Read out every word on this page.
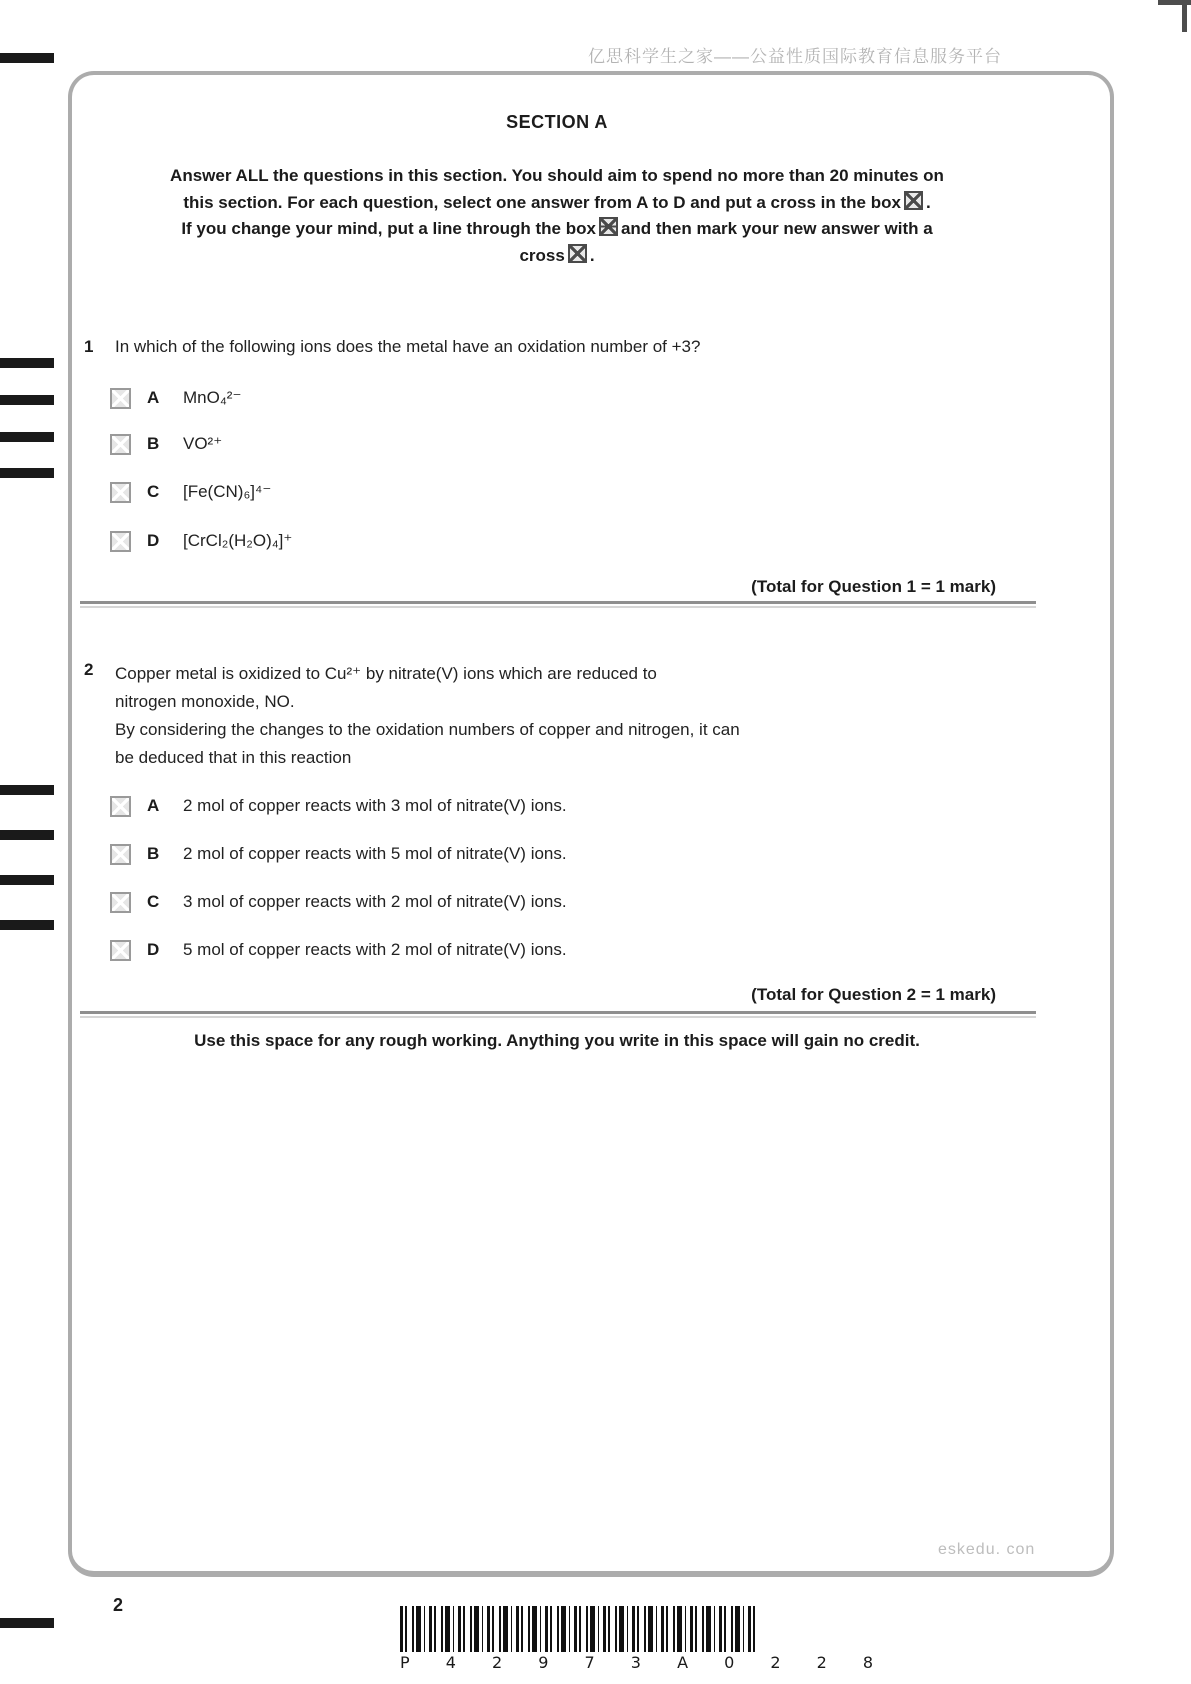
亿思科学生之家——公益性质国际教育信息服务平台
SECTION A
Answer ALL the questions in this section. You should aim to spend no more than 20 minutes on
this section. For each question, select one answer from A to D and put a cross in the box ☒ .
If you change your mind, put a line through the box and then mark your new answer with a
cross ☒ .
1 In which of the following ions does the metal have an oxidation number of +3?
A	MnO₄²⁻
B	VO²⁺
C	[Fe(CN)₆]⁴⁻
D	[CrCl₂(H₂O)₄]⁺
(Total for Question 1 = 1 mark)
2 Copper metal is oxidized to Cu²⁺ by nitrate(V) ions which are reduced to
nitrogen monoxide, NO.
By considering the changes to the oxidation numbers of copper and nitrogen, it can
be deduced that in this reaction
A	2 mol of copper reacts with 3 mol of nitrate(V) ions.
B	2 mol of copper reacts with 5 mol of nitrate(V) ions.
C	3 mol of copper reacts with 2 mol of nitrate(V) ions.
D	5 mol of copper reacts with 2 mol of nitrate(V) ions.
(Total for Question 2 = 1 mark)
Use this space for any rough working. Anything you write in this space will gain no credit.
eskedu. con
2
P 4 2 9 7 3 A 0 2 2 8
